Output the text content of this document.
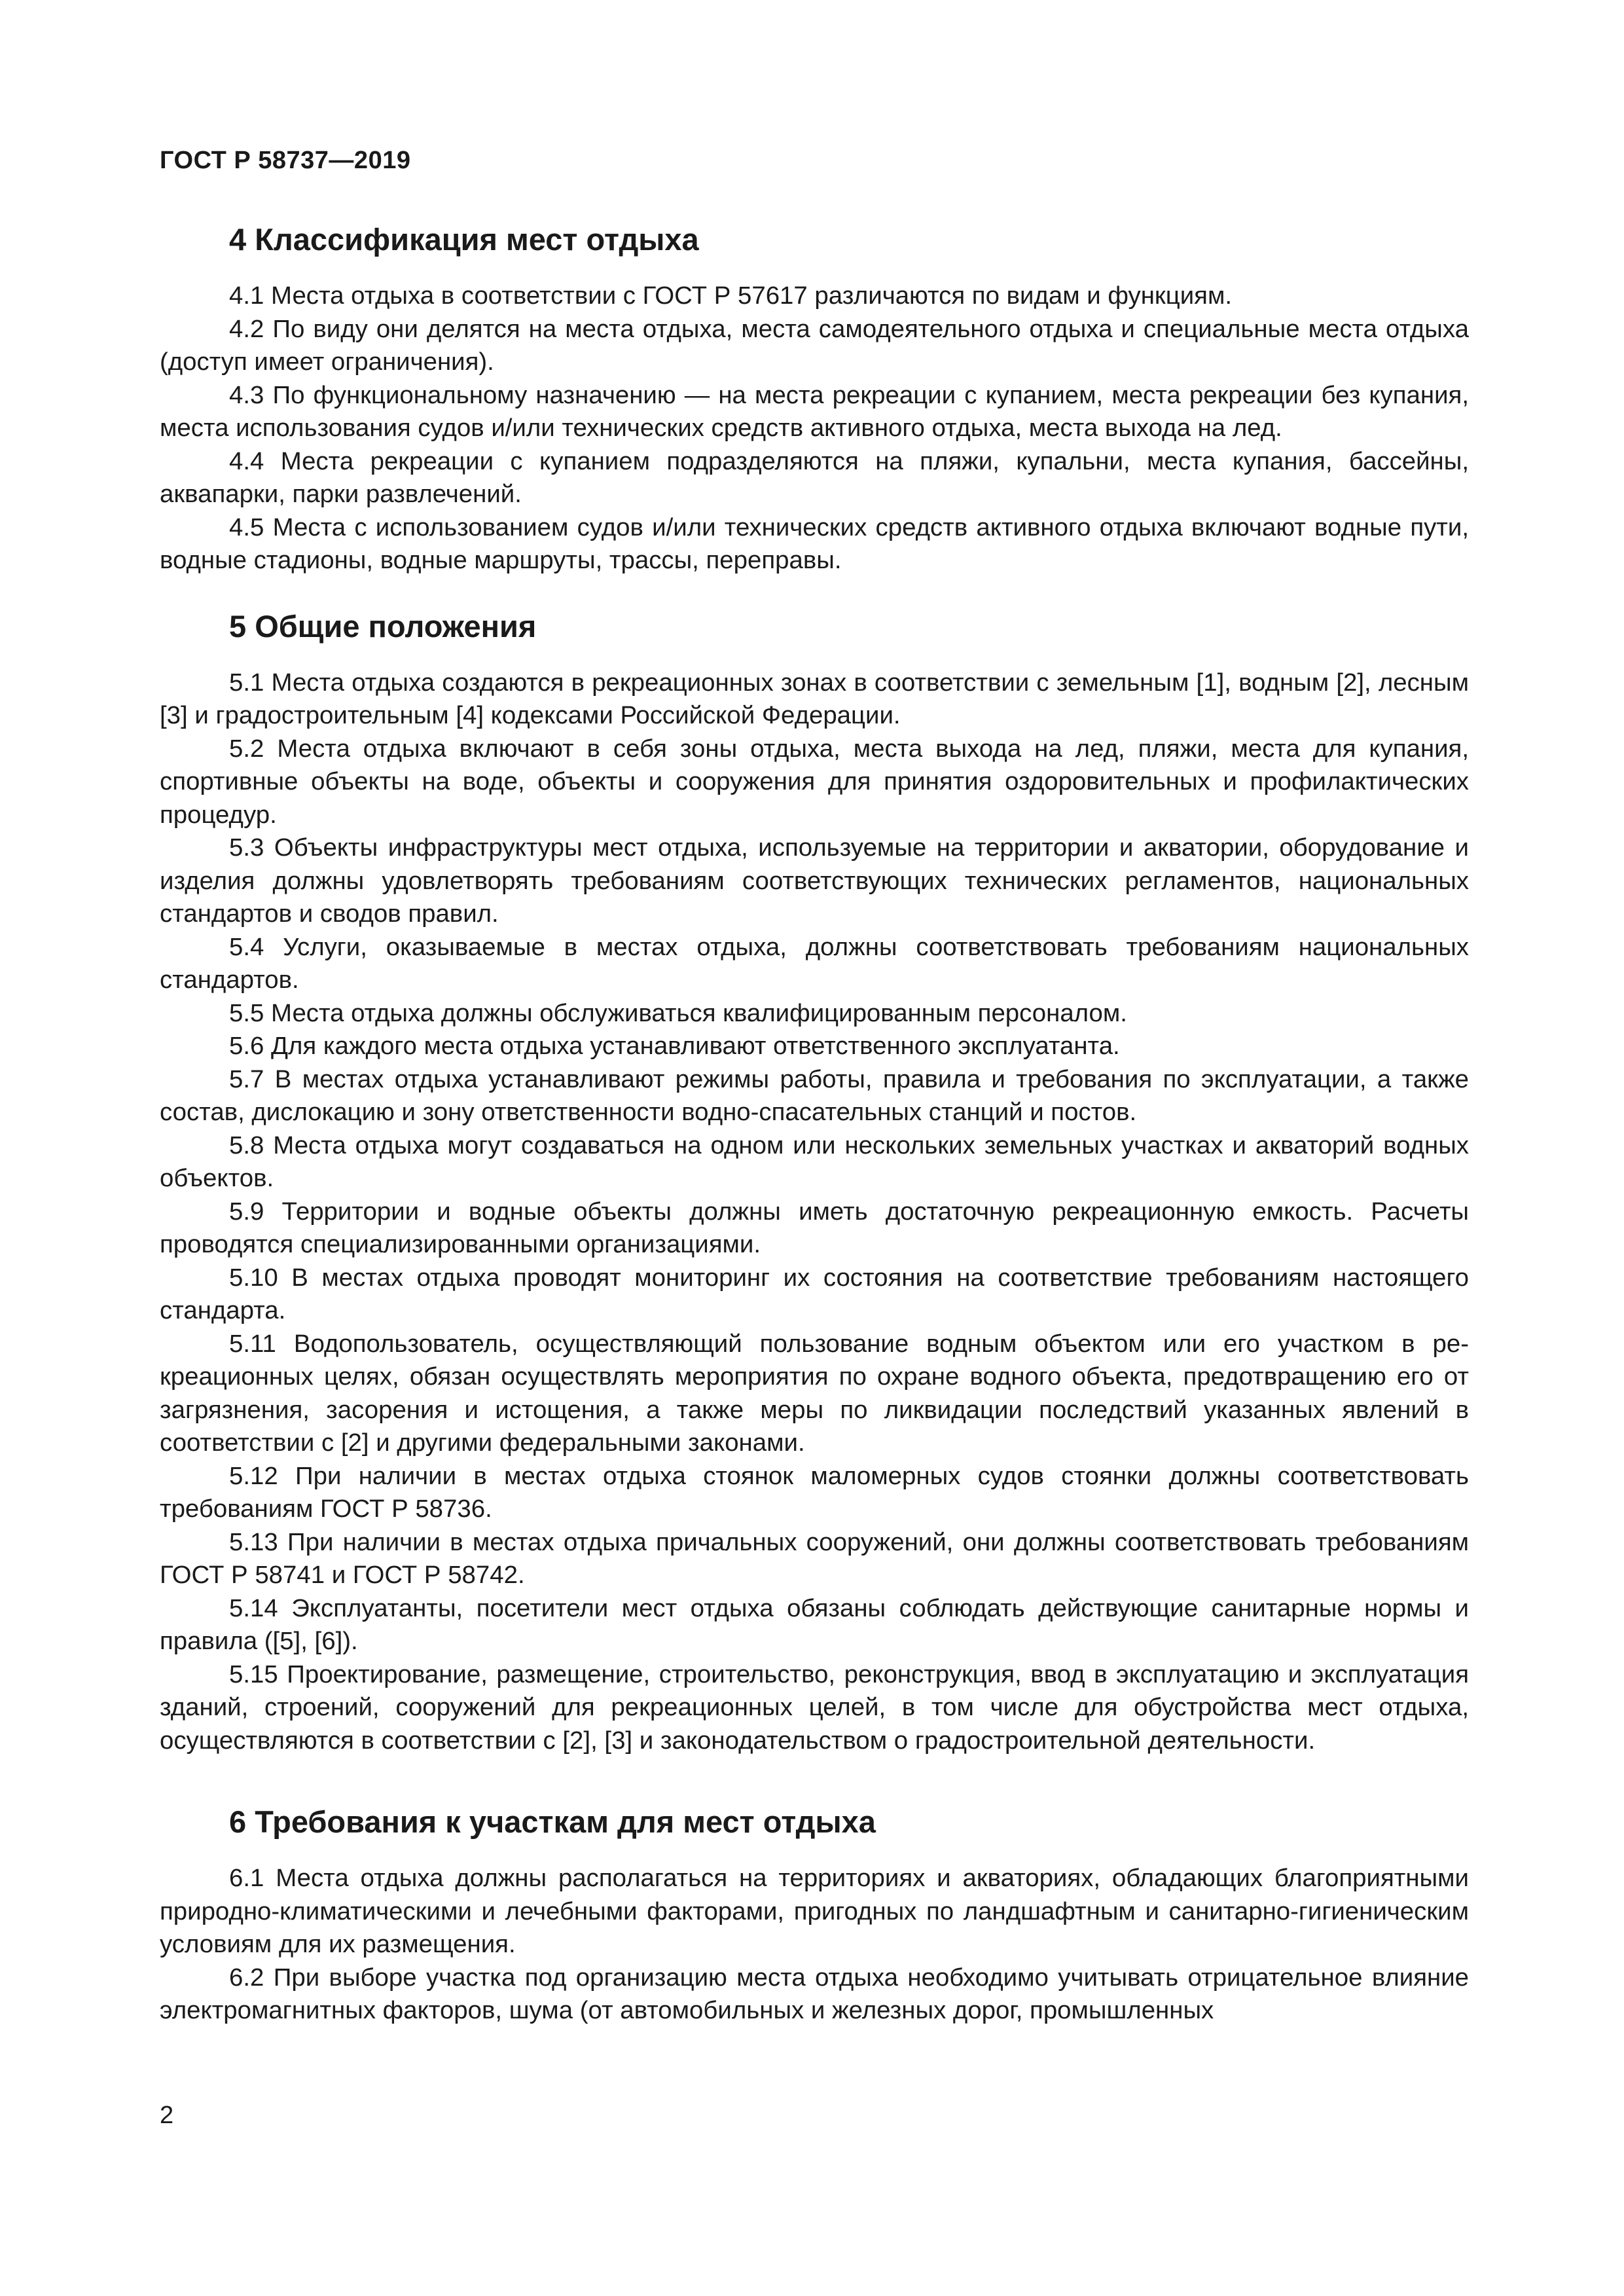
ГОСТ Р 58737—2019
4 Классификация мест отдыха

4.1 Места отдыха в соответствии с ГОСТ Р 57617 различаются по видам и функциям.

4.2 По виду они делятся на места отдыха, места самодеятельного отдыха и специальные места отдыха (доступ имеет ограничения).

4.3 По функциональному назначению — на места рекреации с купанием, места рекреации без купания, места использования судов и/или технических средств активного отдыха, места выхода на лед.

4.4 Места рекреации с купанием подразделяются на пляжи, купальни, места купания, бассейны, аквапарки, парки развлечений.

4.5 Места с использованием судов и/или технических средств активного отдыха включают водные пути, водные стадионы, водные маршруты, трассы, переправы.

5 Общие положения

5.1 Места отдыха создаются в рекреационных зонах в соответствии с земельным [1], водным [2], лесным [3] и градостроительным [4] кодексами Российской Федерации.

5.2 Места отдыха включают в себя зоны отдыха, места выхода на лед, пляжи, места для купания, спортивные объекты на воде, объекты и сооружения для принятия оздоровительных и профилактических процедур.

5.3 Объекты инфраструктуры мест отдыха, используемые на территории и акватории, оборудование и изделия должны удовлетворять требованиям соответствующих технических регламентов, национальных стандартов и сводов правил.

5.4 Услуги, оказываемые в местах отдыха, должны соответствовать требованиям национальных стандартов.

5.5 Места отдыха должны обслуживаться квалифицированным персоналом.

5.6 Для каждого места отдыха устанавливают ответственного эксплуатанта.

5.7 В местах отдыха устанавливают режимы работы, правила и требования по эксплуатации, а также состав, дислокацию и зону ответственности водно-спасательных станций и постов.

5.8 Места отдыха могут создаваться на одном или нескольких земельных участках и акваторий водных объектов.

5.9 Территории и водные объекты должны иметь достаточную рекреационную емкость. Расчеты проводятся специализированными организациями.

5.10 В местах отдыха проводят мониторинг их состояния на соответствие требованиям настоящего стандарта.

5.11 Водопользователь, осуществляющий пользование водным объектом или его участком в рекреационных целях, обязан осуществлять мероприятия по охране водного объекта, предотвращению его от загрязнения, засорения и истощения, а также меры по ликвидации последствий указанных явлений в соответствии с [2] и другими федеральными законами.

5.12 При наличии в местах отдыха стоянок маломерных судов стоянки должны соответствовать требованиям ГОСТ Р 58736.

5.13 При наличии в местах отдыха причальных сооружений, они должны соответствовать требованиям ГОСТ Р 58741 и ГОСТ Р 58742.

5.14 Эксплуатанты, посетители мест отдыха обязаны соблюдать действующие санитарные нормы и правила ([5], [6]).

5.15 Проектирование, размещение, строительство, реконструкция, ввод в эксплуатацию и эксплуатация зданий, строений, сооружений для рекреационных целей, в том числе для обустройства мест отдыха, осуществляются в соответствии с [2], [3] и законодательством о градостроительной деятельности.

6 Требования к участкам для мест отдыха

6.1 Места отдыха должны располагаться на территориях и акваториях, обладающих благоприятными природно-климатическими и лечебными факторами, пригодных по ландшафтным и санитарно-гигиеническим условиям для их размещения.

6.2 При выборе участка под организацию места отдыха необходимо учитывать отрицательное влияние электромагнитных факторов, шума (от автомобильных и железных дорог, промышленных

2
